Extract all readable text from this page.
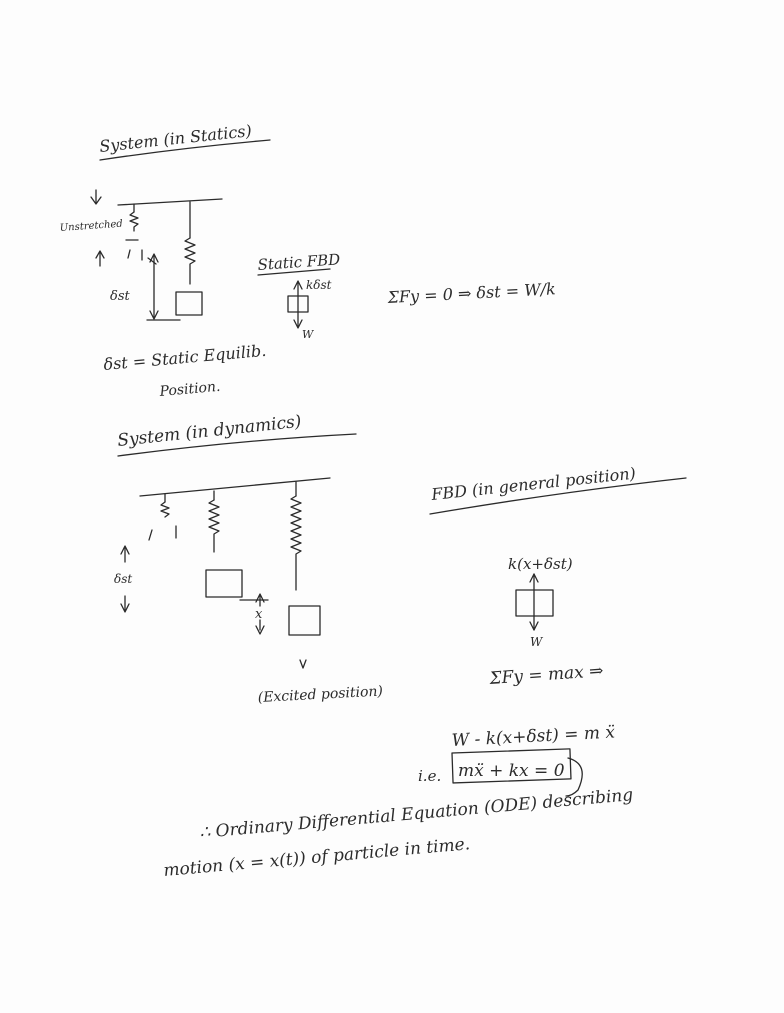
System (in Statics)
Unstretched
δst
Static FBD
kδst
W
ΣFy = 0 ⇒ δst = W/k
δst = Static Equilib.
Position.
System (in dynamics)
δst
x
(Excited position)
FBD (in general position)
k(x+δst)
W
ΣFy = max ⇒
W - k(x+δst) = m ẍ
i.e. mẍ + kx = 0
∴ Ordinary Differential Equation (ODE) describing
motion (x = x(t)) of particle in time.
